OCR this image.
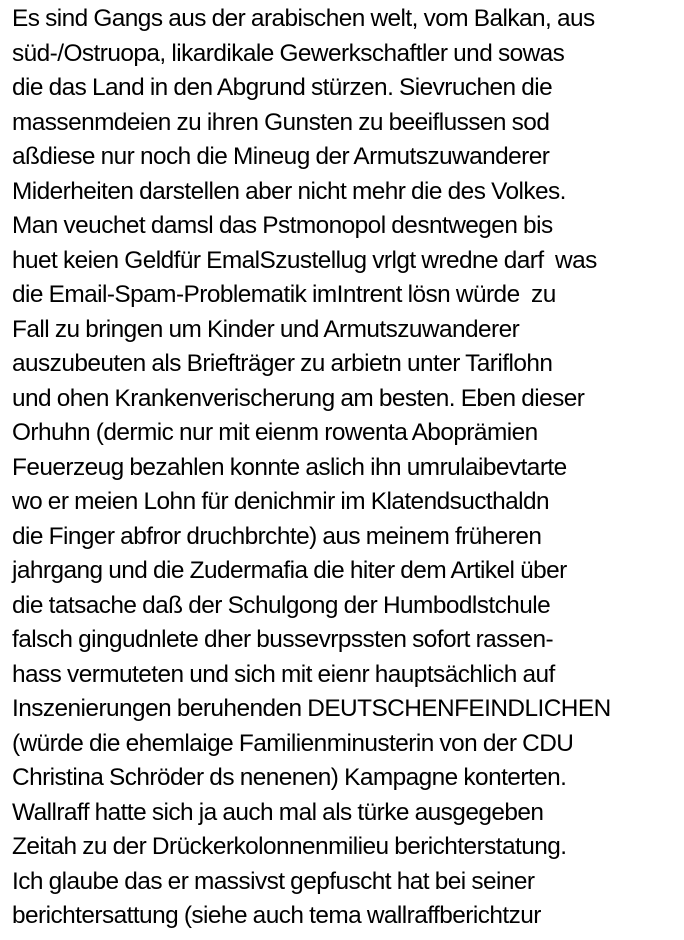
Es sind Gangs aus der arabischen welt, vom Balkan, aus
süd-/Ostruopa, likardikale Gewerkschaftler und sowas
die das Land in den Abgrund stürzen. Sievruchen die
massenmdeien zu ihren Gunsten zu beeiflussen sod
aßdiese nur noch die Mineug der Armutszuwanderer
Miderheiten darstellen aber nicht mehr die des Volkes.
Man veuchet damsl das Pstmonopol desntwegen bis
huet keien Geldfür EmalSzustellug vrlgt wredne darf  was
die Email-Spam-Problematik imIntrent lösn würde  zu
Fall zu bringen um Kinder und Armutszuwanderer
auszubeuten als Briefträger zu arbietn unter Tariflohn
und ohen Krankenverischerung am besten. Eben dieser
Orhuhn (dermic nur mit eienm rowenta Aboprämien
Feuerzeug bezahlen konnte aslich ihn umrulaibevtarte
wo er meien Lohn für denichmir im Klatendsucthaldn
die Finger abfror druchbrchte) aus meinem früheren
jahrgang und die Zudermafia die hiter dem Artikel über
die tatsache daß der Schulgong der Humbodlstchule
falsch gingudnlete dher bussevrpssten sofort rassen-
hass vermuteten und sich mit eienr hauptsächlich auf
Inszenierungen beruhenden DEUTSCHENFEINDLICHEN
(würde die ehemlaige Familienminusterin von der CDU
Christina Schröder ds nenenen) Kampagne konterten.
Wallraff hatte sich ja auch mal als türke ausgegeben
Zeitah zu der Drückerkolonnenmilieu berichterstatung.
Ich glaube das er massivst gepfuscht hat bei seiner
berichtersattung (siehe auch tema wallraffberichtzur
